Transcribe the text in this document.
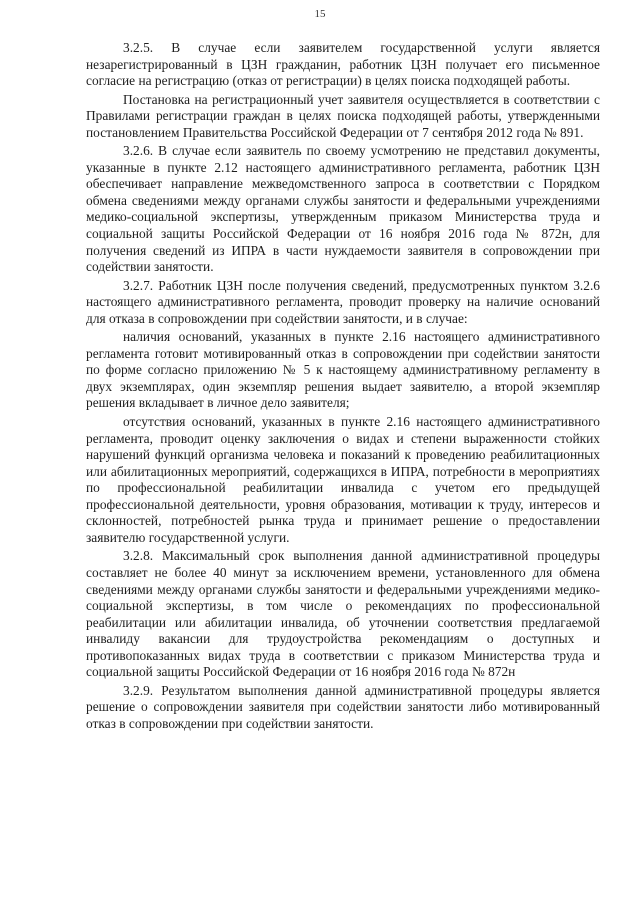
15

3.2.5. В случае если заявителем государственной услуги является незарегистрированный в ЦЗН гражданин, работник ЦЗН получает его письменное согласие на регистрацию (отказ от регистрации) в целях поиска подходящей работы.

Постановка на регистрационный учет заявителя осуществляется в соответствии с Правилами регистрации граждан в целях поиска подходящей работы, утвержденными постановлением Правительства Российской Федерации от 7 сентября 2012 года № 891.

3.2.6. В случае если заявитель по своему усмотрению не представил документы, указанные в пункте 2.12 настоящего административного регламента, работник ЦЗН обеспечивает направление межведомственного запроса в соответствии с Порядком обмена сведениями между органами службы занятости и федеральными учреждениями медико-социальной экспертизы, утвержденным приказом Министерства труда и социальной защиты Российской Федерации от 16 ноября 2016 года № 872н, для получения сведений из ИПРА в части нуждаемости заявителя в сопровождении при содействии занятости.

3.2.7. Работник ЦЗН после получения сведений, предусмотренных пунктом 3.2.6 настоящего административного регламента, проводит проверку на наличие оснований для отказа в сопровождении при содействии занятости, и в случае:

наличия оснований, указанных в пункте 2.16 настоящего административного регламента готовит мотивированный отказ в сопровождении при содействии занятости по форме согласно приложению № 5 к настоящему административному регламенту в двух экземплярах, один экземпляр решения выдает заявителю, а второй экземпляр решения вкладывает в личное дело заявителя;

отсутствия оснований, указанных в пункте 2.16 настоящего административного регламента, проводит оценку заключения о видах и степени выраженности стойких нарушений функций организма человека и показаний к проведению реабилитационных или абилитационных мероприятий, содержащихся в ИПРА, потребности в мероприятиях по профессиональной реабилитации инвалида с учетом его предыдущей профессиональной деятельности, уровня образования, мотивации к труду, интересов и склонностей, потребностей рынка труда и принимает решение о предоставлении заявителю государственной услуги.

3.2.8. Максимальный срок выполнения данной административной процедуры составляет не более 40 минут за исключением времени, установленного для обмена сведениями между органами службы занятости и федеральными учреждениями медико-социальной экспертизы, в том числе о рекомендациях по профессиональной реабилитации или абилитации инвалида, об уточнении соответствия предлагаемой инвалиду вакансии для трудоустройства рекомендациям о доступных и противопоказанных видах труда в соответствии с приказом Министерства труда и социальной защиты Российской Федерации от 16 ноября 2016 года № 872н

3.2.9. Результатом выполнения данной административной процедуры является решение о сопровождении заявителя при содействии занятости либо мотивированный отказ в сопровождении при содействии занятости.
